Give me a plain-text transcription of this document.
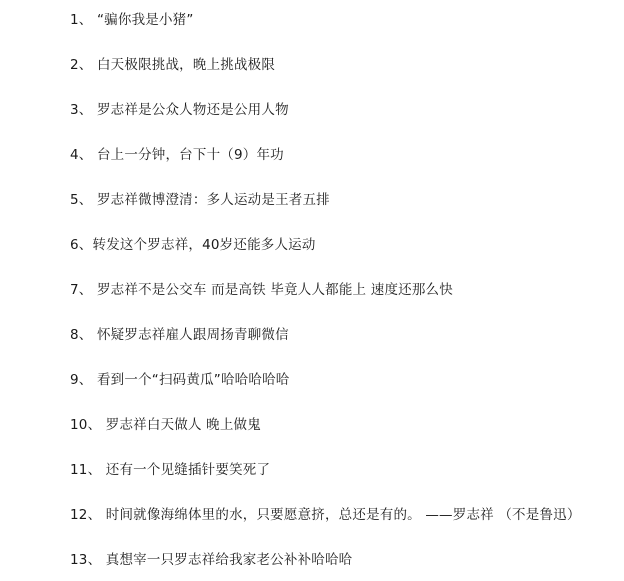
1、 “骗你我是小猪”
2、 白天极限挑战，晚上挑战极限
3、 罗志祥是公众人物还是公用人物
4、 台上一分钟，台下十（9）年功
5、 罗志祥微博澄清：多人运动是王者五排
6、转发这个罗志祥，40岁还能多人运动
7、 罗志祥不是公交车 而是高铁 毕竟人人都能上 速度还那么快
8、 怀疑罗志祥雇人跟周扬青聊微信
9、 看到一个“扫码黄瓜”哈哈哈哈哈
10、 罗志祥白天做人 晚上做鬼
11、 还有一个见缝插针要笑死了
12、 时间就像海绵体里的水，只要愿意挤，总还是有的。 ——罗志祥 （不是鲁迅）
13、 真想宰一只罗志祥给我家老公补补哈哈哈
